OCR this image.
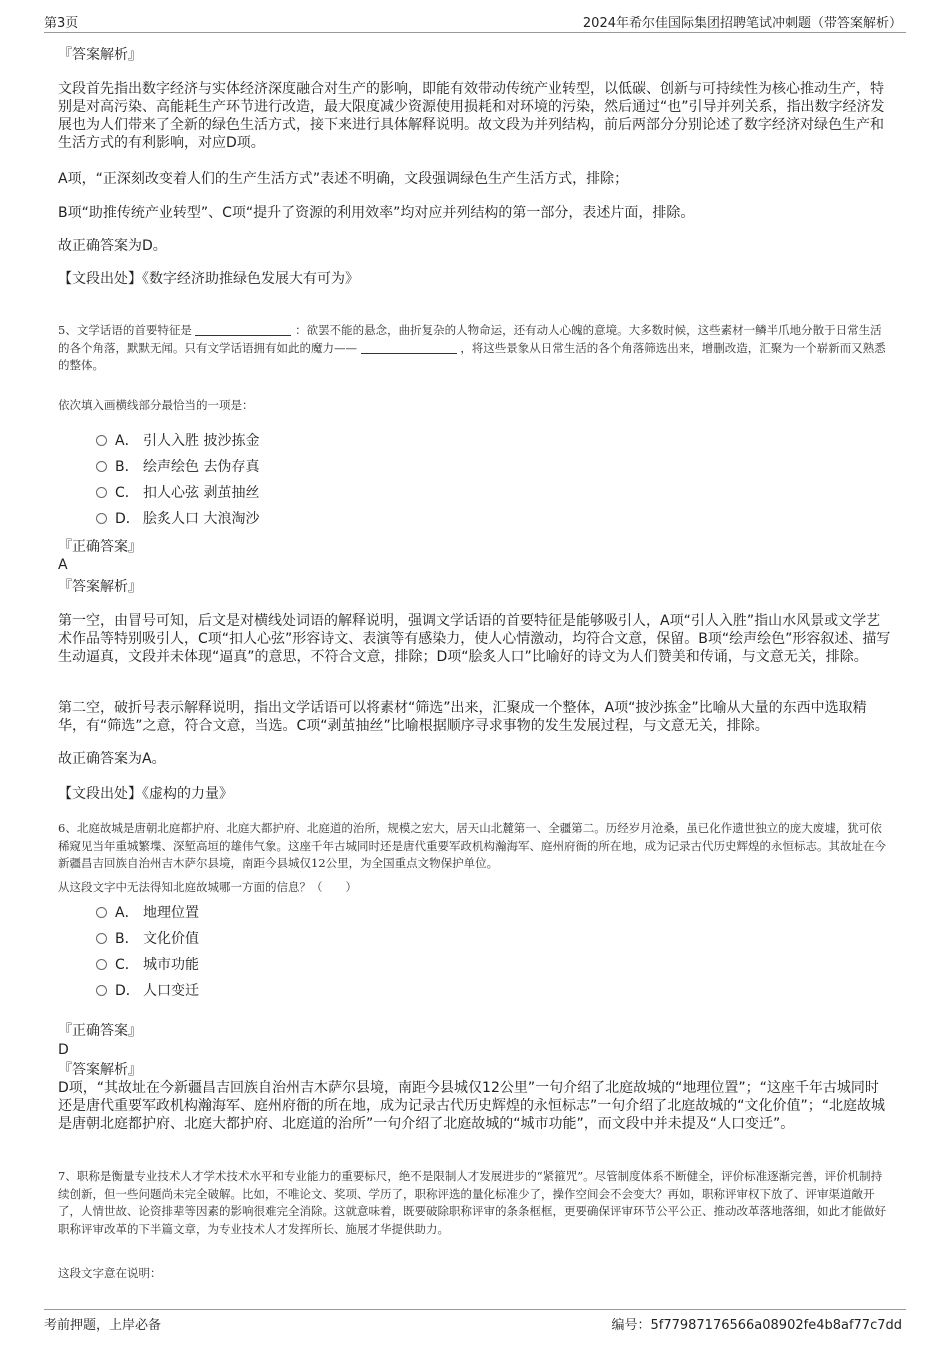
第3页	2024年希尔佳国际集团招聘笔试冲刺题（带答案解析）
『答案解析』
文段首先指出数字经济与实体经济深度融合对生产的影响，即能有效带动传统产业转型，以低碳、创新与可持续性为核心推动生产，特别是对高污染、高能耗生产环节进行改造，最大限度减少资源使用损耗和对环境的污染，然后通过“也”引导并列关系，指出数字经济发展也为人们带来了全新的绿色生活方式，接下来进行具体解释说明。故文段为并列结构，前后两部分分别论述了数字经济对绿色生产和生活方式的有利影响，对应D项。
A项，“正深刻改变着人们的生产生活方式”表述不明确，文段强调绿色生产生活方式，排除；
B项“助推传统产业转型”、C项“提升了资源的利用效率”均对应并列结构的第一部分，表述片面，排除。
故正确答案为D。
【文段出处】《数字经济助推绿色发展大有可为》
5、文学话语的首要特征是	：欲罢不能的悬念，曲折复杂的人物命运，还有动人心魄的意境。大多数时候，这些素材一鳞半爪地分散于日常生活的各个角落，默默无闻。只有文学话语拥有如此的魔力——	，将这些景象从日常生活的各个角落筛选出来，增删改造，汇聚为一个崭新而又熟悉的整体。
依次填入画横线部分最恰当的一项是：
A． 引人入胜 披沙拣金
B． 绘声绘色 去伪存真
C． 扣人心弦 剥茧抽丝
D． 脍炙人口 大浪淘沙
『正确答案』
A
『答案解析』
第一空，由冒号可知，后文是对横线处词语的解释说明，强调文学话语的首要特征是能够吸引人，A项“引人入胜”指山水风景或文学艺术作品等特别吸引人，C项“扣人心弦”形容诗文、表演等有感染力，使人心情激动，均符合文意，保留。B项“绘声绘色”形容叙述、描写生动逼真，文段并未体现“逼真”的意思，不符合文意，排除；D项“脍炙人口”比喻好的诗文为人们赞美和传诵，与文意无关，排除。
第二空，破折号表示解释说明，指出文学话语可以将素材“筛选”出来，汇聚成一个整体，A项“披沙拣金”比喻从大量的东西中选取精华，有“筛选”之意，符合文意，当选。C项“剥茧抽丝”比喻根据顺序寻求事物的发生发展过程，与文意无关，排除。
故正确答案为A。
【文段出处】《虚构的力量》
6、北庭故城是唐朝北庭都护府、北庭大都护府、北庭道的治所，规模之宏大，居天山北麓第一、全疆第二。历经岁月沧桑，虽已化作遗世独立的庞大废墟，犹可依稀窥见当年重城繁堞、深堑高垣的雄伟气象。这座千年古城同时还是唐代重要军政机构瀚海军、庭州府衙的所在地，成为记录古代历史辉煌的永恒标志。其故址在今新疆昌吉回族自治州吉木萨尔县境，南距今县城仅12公里，为全国重点文物保护单位。
从这段文字中无法得知北庭故城哪一方面的信息？（　　）
A． 地理位置
B． 文化价值
C． 城市功能
D． 人口变迁
『正确答案』
D
『答案解析』
D项，“其故址在今新疆昌吉回族自治州吉木萨尔县境，南距今县城仅12公里”一句介绍了北庭故城的“地理位置”；“这座千年古城同时还是唐代重要军政机构瀚海军、庭州府衙的所在地，成为记录古代历史辉煌的永恒标志”一句介绍了北庭故城的“文化价值”；“北庭故城是唐朝北庭都护府、北庭大都护府、北庭道的治所”一句介绍了北庭故城的“城市功能”，而文段中并未提及“人口变迁”。
7、职称是衡量专业技术人才学术技术水平和专业能力的重要标尺，绝不是限制人才发展进步的“紧箍咒”。尽管制度体系不断健全，评价标准逐渐完善，评价机制持续创新，但一些问题尚未完全破解。比如，不唯论文、奖项、学历了，职称评选的量化标准少了，操作空间会不会变大？再如，职称评审权下放了、评审渠道敞开了，人情世故、论资排辈等因素的影响很难完全消除。这就意味着，既要破除职称评审的条条框框，更要确保评审环节公平公正、推动改革落地落细，如此才能做好职称评审改革的下半篇文章，为专业技术人才发挥所长、施展才华提供助力。
这段文字意在说明：
考前押题，上岸必备	编号：5f77987176566a08902fe4b8af77c7dd
